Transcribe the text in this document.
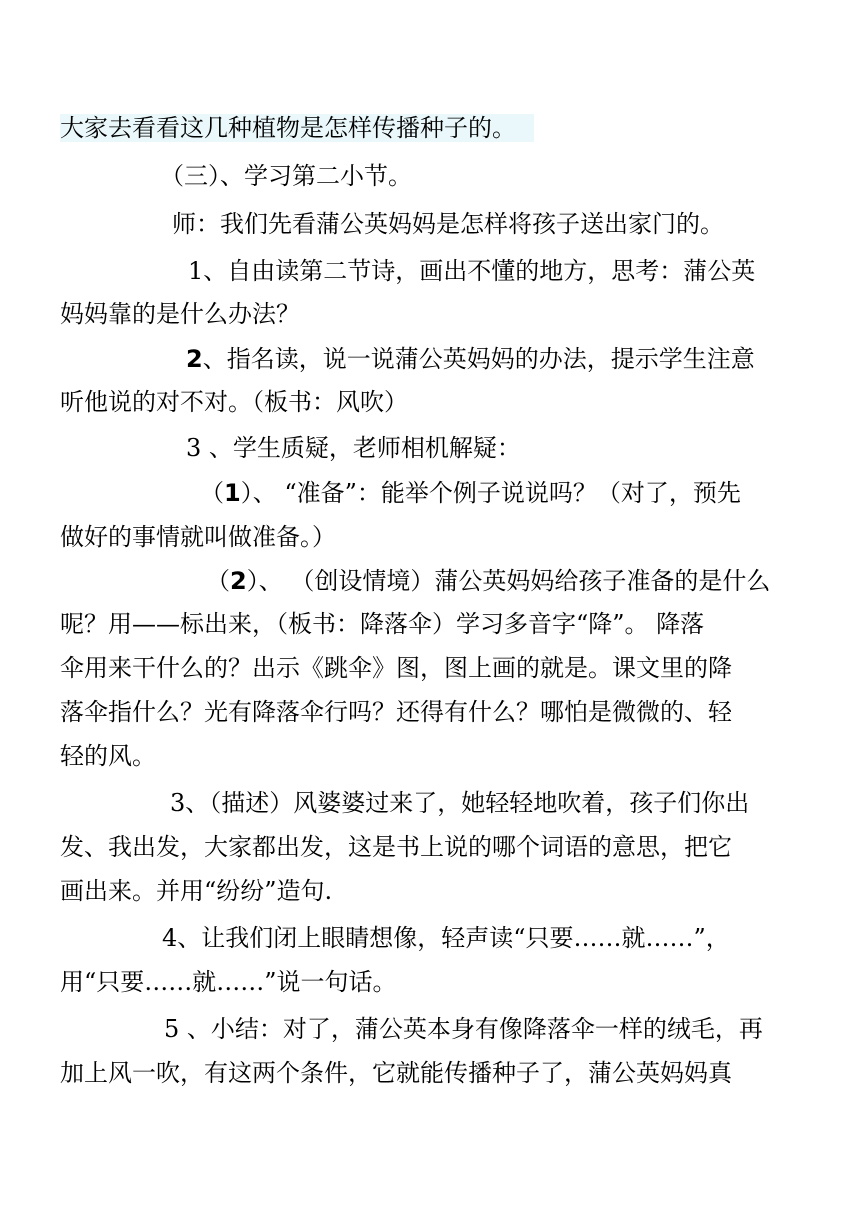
大家去看看这几种植物是怎样传播种子的。
（三）、学习第二小节。
师：我们先看蒲公英妈妈是怎样将孩子送出家门的。
1、自由读第二节诗，画出不懂的地方，思考：蒲公英
妈妈靠的是什么办法？
2、指名读，说一说蒲公英妈妈的办法，提示学生注意
听他说的对不对。（板书：风吹）
3 、学生质疑，老师相机解疑：
（1）、 “准备”：能举个例子说说吗？（对了，预先
做好的事情就叫做准备。）
（2）、 （创设情境）蒲公英妈妈给孩子准备的是什么
呢？用——标出来，（板书：降落伞）学习多音字“降”。 降落
伞用来干什么的？出示《跳伞》图，图上画的就是。课文里的降
落伞指什么？光有降落伞行吗？还得有什么？哪怕是微微的、轻
轻的风。
3、（描述）风婆婆过来了，她轻轻地吹着，孩子们你出
发、我出发，大家都出发，这是书上说的哪个词语的意思，把它
画出来。并用“纷纷”造句.
4、让我们闭上眼睛想像，轻声读“只要……就……”，
用“只要……就……”说一句话。
5 、小结：对了，蒲公英本身有像降落伞一样的绒毛，再
加上风一吹，有这两个条件，它就能传播种子了，蒲公英妈妈真
